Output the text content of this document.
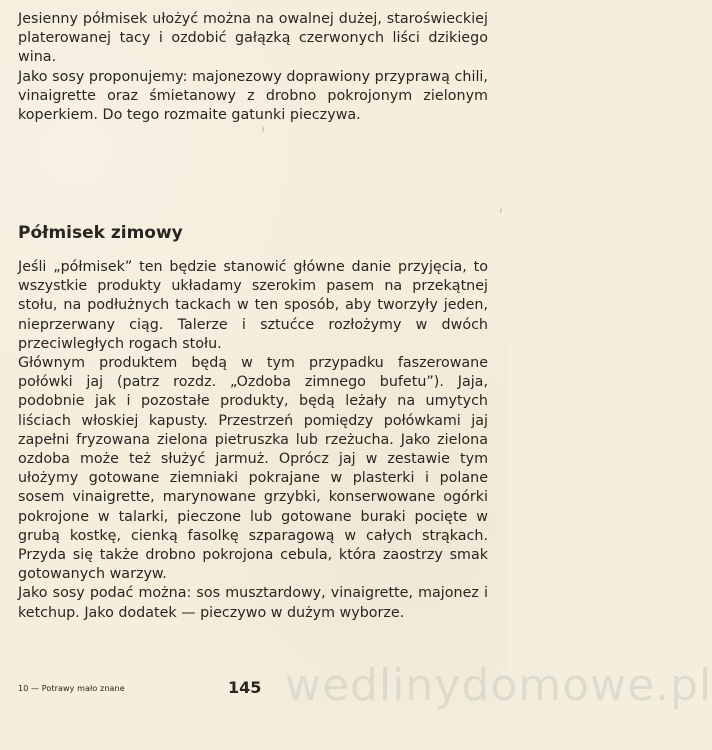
Jesienny półmisek ułożyć można na owalnej dużej, staroświeckiej platerowanej tacy i ozdobić gałązką czerwonych liści dzikiego wina.

Jako sosy proponujemy: majonezowy doprawiony przyprawą chili, vinaigrette oraz śmietanowy z drobno pokrojonym zielonym koperkiem. Do tego rozmaite gatunki pieczywa.

Półmisek zimowy

Jeśli „półmisek” ten będzie stanowić główne danie przyjęcia, to wszystkie produkty układamy szerokim pasem na przekątnej stołu, na podłużnych tackach w ten sposób, aby tworzyły jeden, nieprzerwany ciąg. Talerze i sztućce rozłożymy w dwóch przeciwległych rogach stołu.

Głównym produktem będą w tym przypadku faszerowane połówki jaj (patrz rozdz. „Ozdoba zimnego bufetu”). Jaja, podobnie jak i pozostałe produkty, będą leżały na umytych liściach włoskiej kapusty. Przestrzeń pomiędzy połówkami jaj zapełni fryzowana zielona pietruszka lub rzeżucha. Jako zielona ozdoba może też służyć jarmuż. Oprócz jaj w zestawie tym ułożymy gotowane ziemniaki pokrajane w plasterki i polane sosem vinaigrette, marynowane grzybki, konserwowane ogórki pokrojone w talarki, pieczone lub gotowane buraki pocięte w grubą kostkę, cienką fasolkę szparagową w całych strąkach. Przyda się także drobno pokrojona cebula, która zaostrzy smak gotowanych warzyw.

Jako sosy podać można: sos musztardowy, vinaigrette, majonez i ketchup. Jako dodatek — pieczywo w dużym wyborze.

10 — Potrawy mało znane	145 wedlinydomowe.pl
